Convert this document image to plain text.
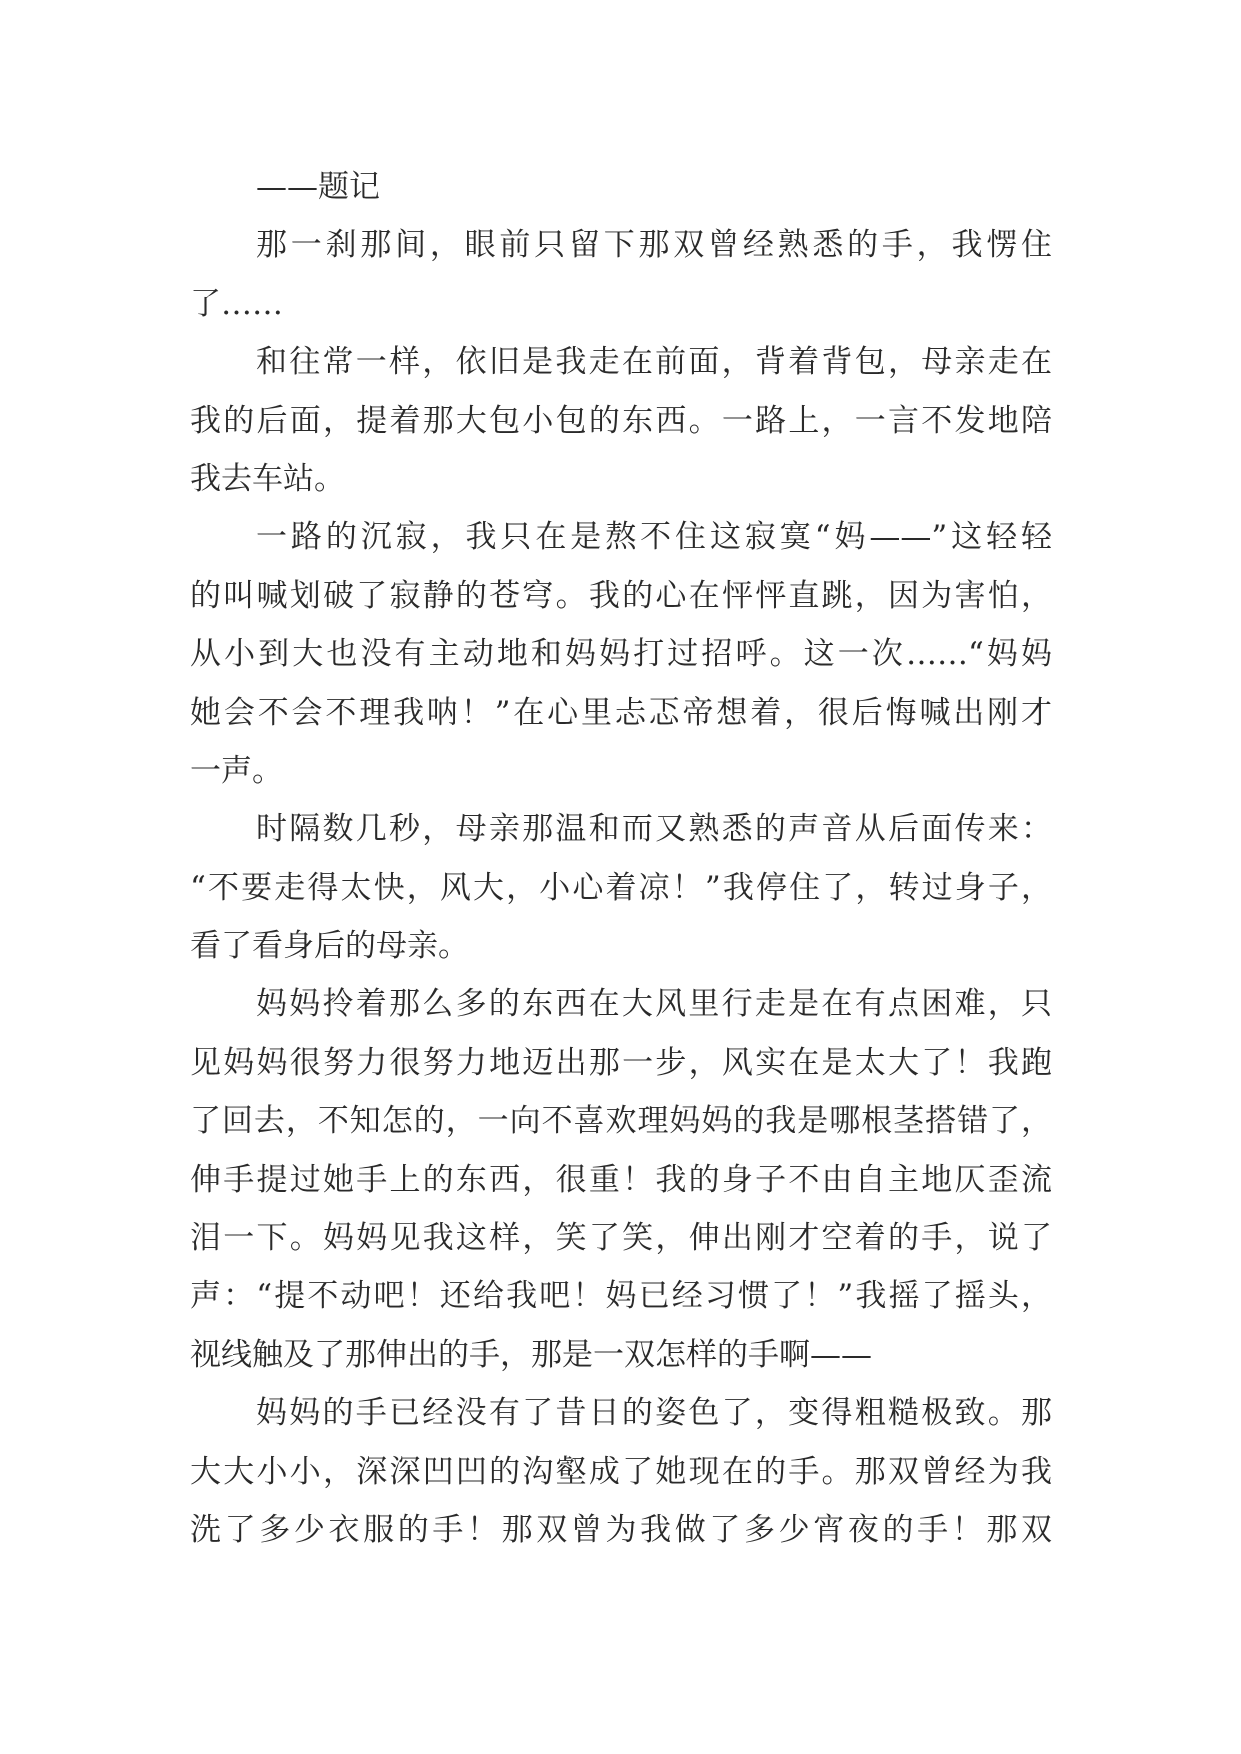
——题记
那一刹那间，眼前只留下那双曾经熟悉的手，我愣住
了……
和往常一样，依旧是我走在前面，背着背包，母亲走在
我的后面，提着那大包小包的东西。一路上，一言不发地陪
我去车站。
一路的沉寂，我只在是熬不住这寂寞“妈——”这轻轻
的叫喊划破了寂静的苍穹。我的心在怦怦直跳，因为害怕，
从小到大也没有主动地和妈妈打过招呼。这一次……“妈妈
她会不会不理我呐！”在心里忐忑帝想着，很后悔喊出刚才
一声。
时隔数几秒，母亲那温和而又熟悉的声音从后面传来：
“不要走得太快，风大，小心着凉！”我停住了，转过身子，
看了看身后的母亲。
妈妈拎着那么多的东西在大风里行走是在有点困难，只
见妈妈很努力很努力地迈出那一步，风实在是太大了！我跑
了回去，不知怎的，一向不喜欢理妈妈的我是哪根茎搭错了，
伸手提过她手上的东西，很重！我的身子不由自主地仄歪流
泪一下。妈妈见我这样，笑了笑，伸出刚才空着的手，说了
声：“提不动吧！还给我吧！妈已经习惯了！”我摇了摇头，
视线触及了那伸出的手，那是一双怎样的手啊——
妈妈的手已经没有了昔日的姿色了，变得粗糙极致。那
大大小小，深深凹凹的沟壑成了她现在的手。那双曾经为我
洗了多少衣服的手！那双曾为我做了多少宵夜的手！那双
